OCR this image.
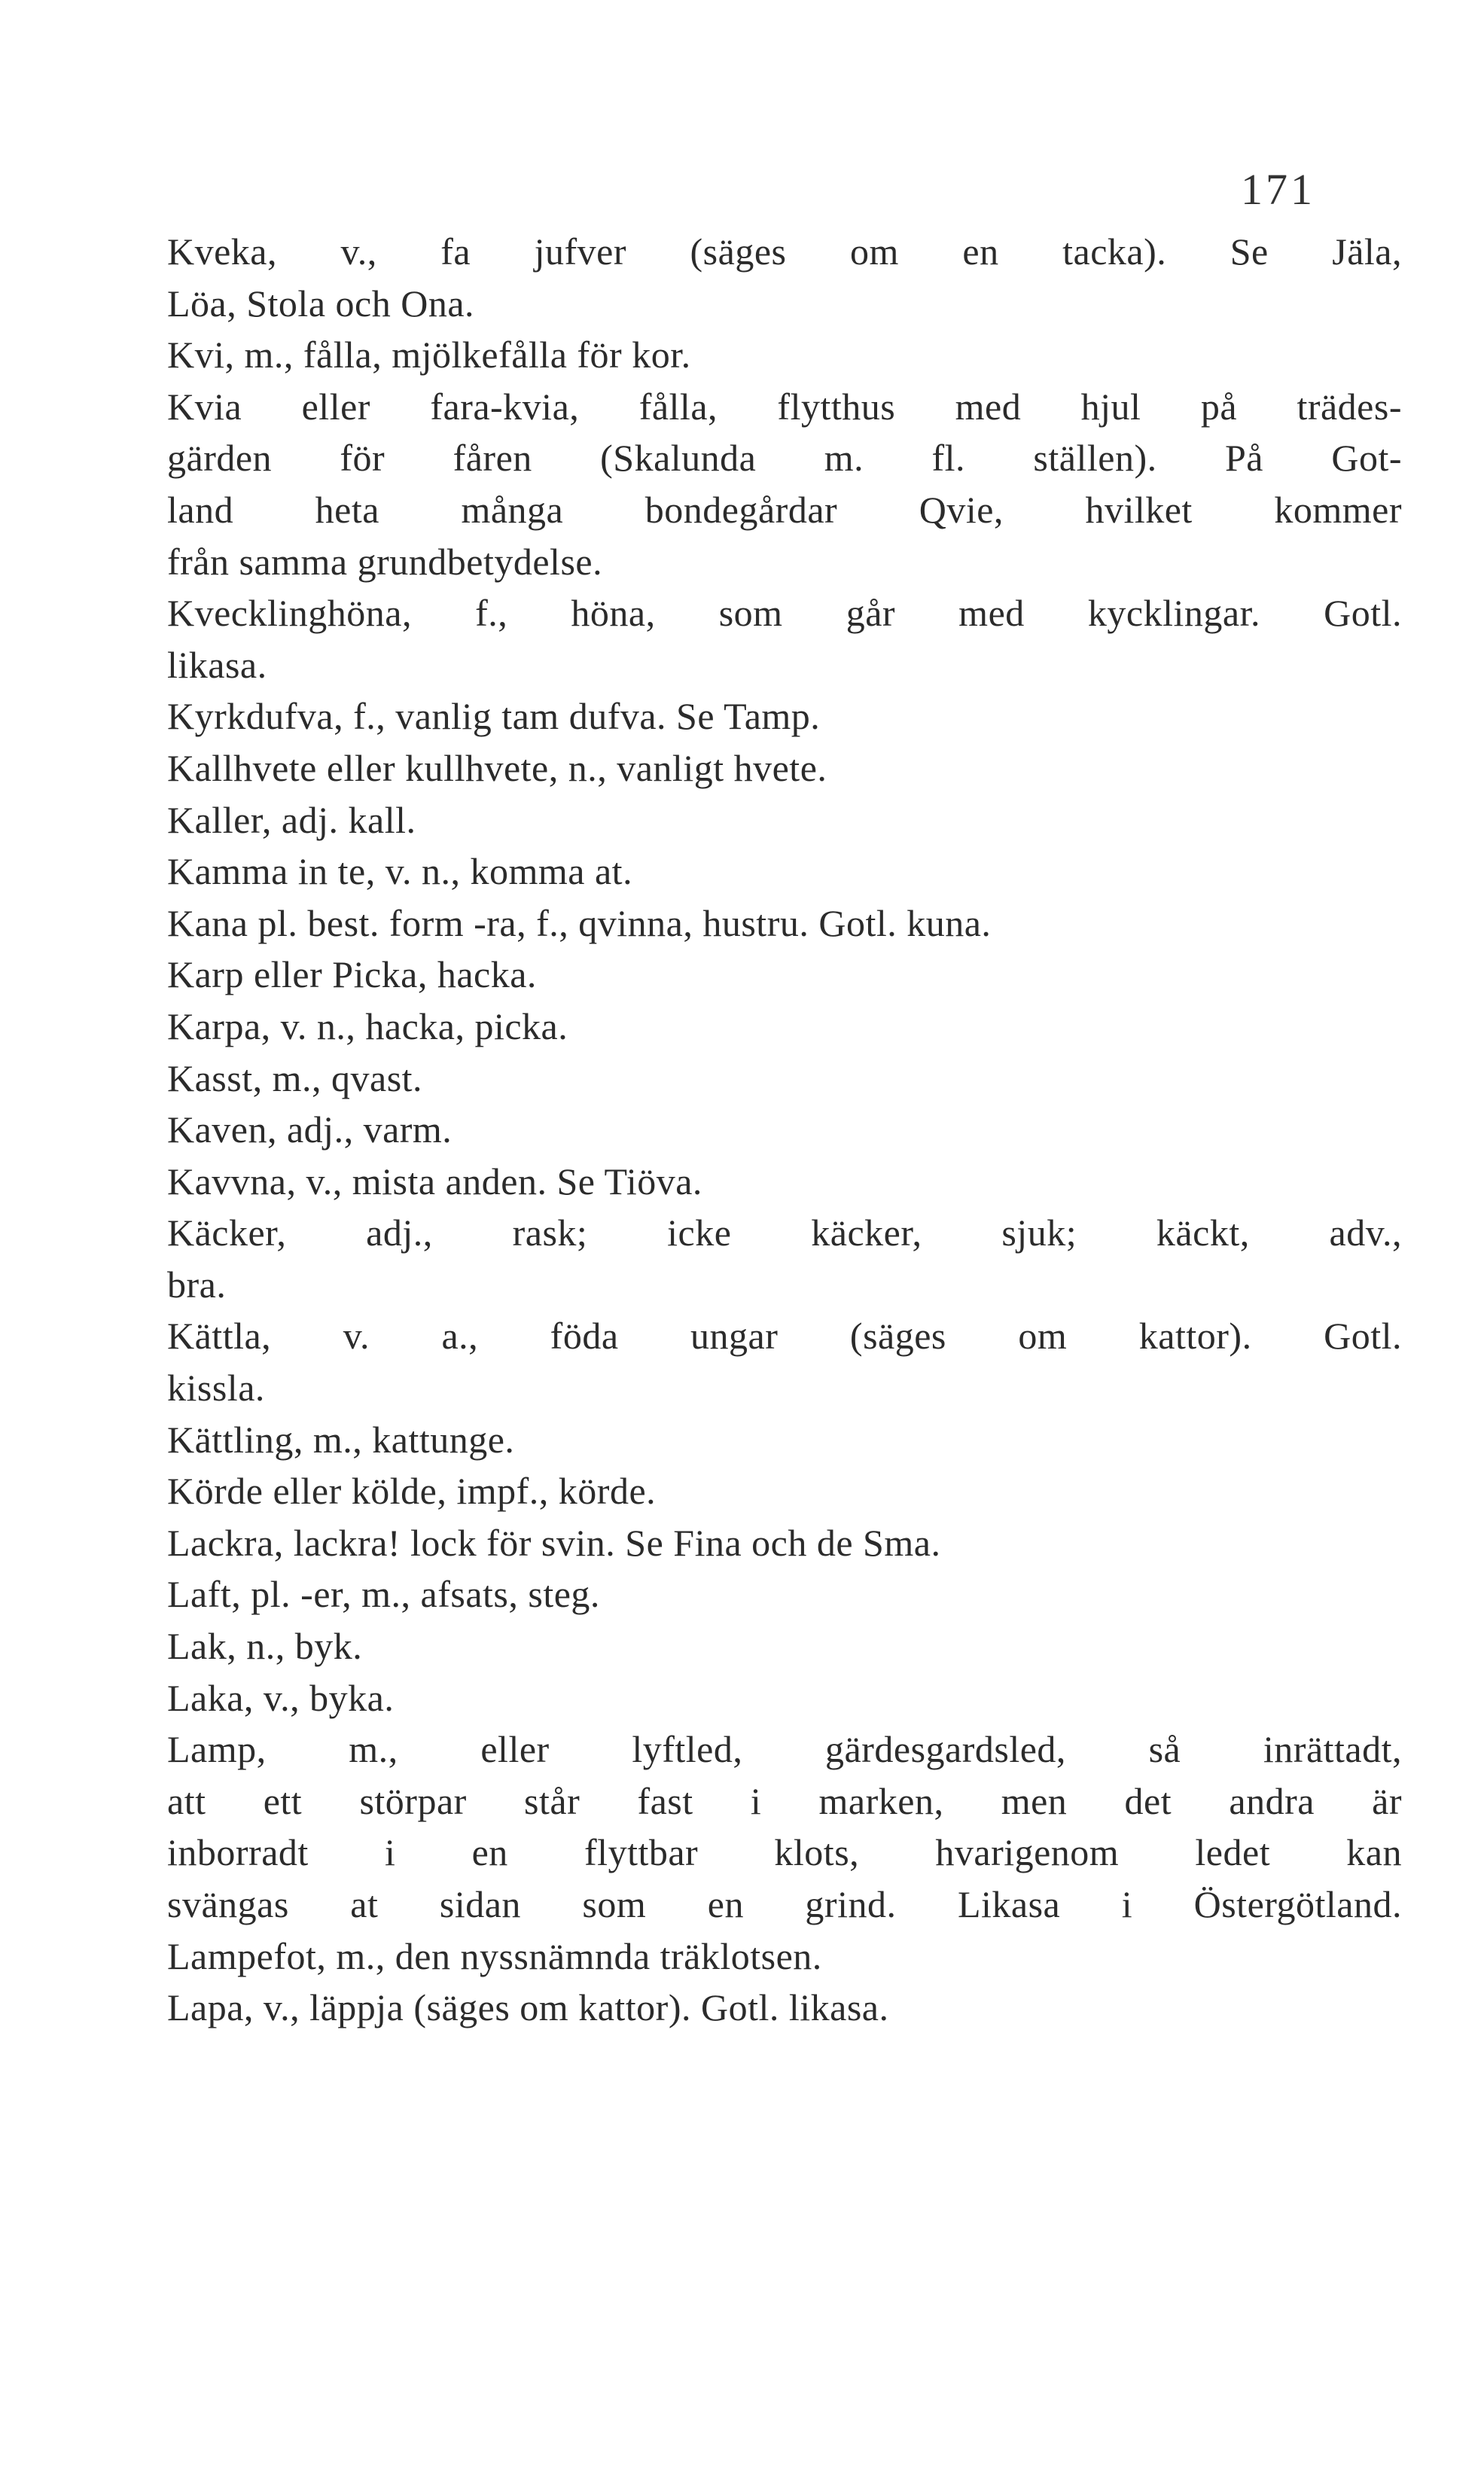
171
Kveka, v., fa jufver (säges om en tacka). Se Jäla,
Löa, Stola och Ona.
Kvi, m., fålla, mjölkefålla för kor.
Kvia eller fara-kvia, fålla, flytthus med hjul på trädes-
gärden för fåren (Skalunda m. fl. ställen). På Got-
land heta många bondegårdar Qvie, hvilket kommer
från samma grundbetydelse.
Kvecklinghöna, f., höna, som går med kycklingar. Gotl.
likasa.
Kyrkdufva, f., vanlig tam dufva. Se Tamp.
Kallhvete eller kullhvete, n., vanligt hvete.
Kaller, adj. kall.
Kamma in te, v. n., komma at.
Kana pl. best. form -ra, f., qvinna, hustru. Gotl. kuna.
Karp eller Picka, hacka.
Karpa, v. n., hacka, picka.
Kasst, m., qvast.
Kaven, adj., varm.
Kavvna, v., mista anden. Se Tiöva.
Käcker, adj., rask; icke käcker, sjuk; käckt, adv.,
bra.
Kättla, v. a., föda ungar (säges om kattor). Gotl.
kissla.
Kättling, m., kattunge.
Körde eller kölde, impf., körde.
Lackra, lackra! lock för svin. Se Fina och de Sma.
Laft, pl. -er, m., afsats, steg.
Lak, n., byk.
Laka, v., byka.
Lamp, m., eller lyftled, gärdesgardsled, så inrättadt,
att ett störpar står fast i marken, men det andra är
inborradt i en flyttbar klots, hvarigenom ledet kan
svängas at sidan som en grind. Likasa i Östergötland.
Lampefot, m., den nyssnämnda träklotsen.
Lapa, v., läppja (säges om kattor). Gotl. likasa.
